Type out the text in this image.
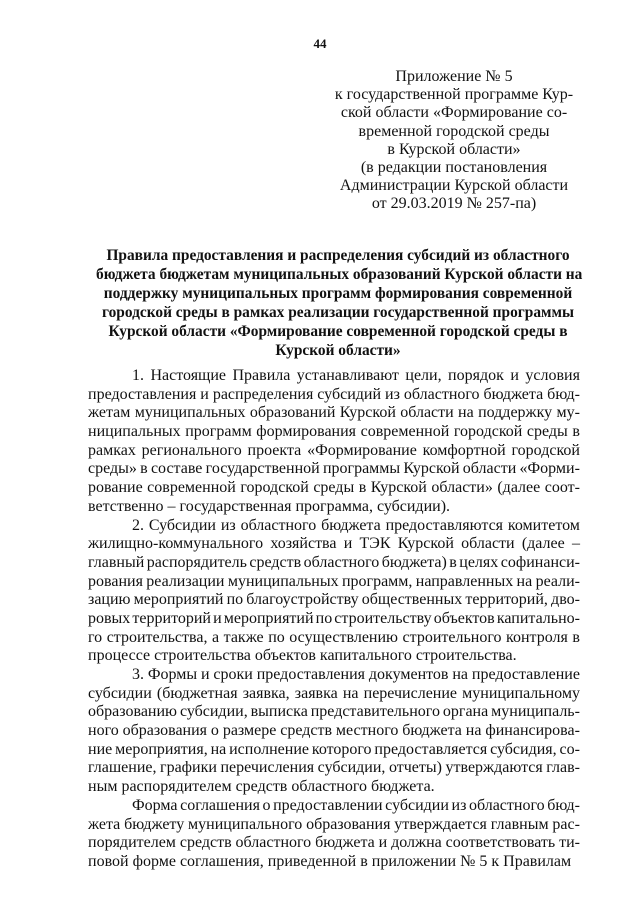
44
Приложение № 5
к государственной программе Кур-
ской области «Формирование со-
временной городской среды
в Курской области»
(в редакции постановления
Администрации Курской области
от 29.03.2019 № 257-па)
Правила предоставления и распределения субсидий из областного
бюджета бюджетам муниципальных образований Курской области на
поддержку муниципальных программ формирования современной
городской среды в рамках реализации государственной программы
Курской области «Формирование современной городской среды в
Курской области»
1. Настоящие Правила устанавливают цели, порядок и условия
предоставления и распределения субсидий из областного бюджета бюд-
жетам муниципальных образований Курской области на поддержку му-
ниципальных программ формирования современной городской среды в
рамках регионального проекта «Формирование комфортной городской
среды» в составе государственной программы Курской области «Форми-
рование современной городской среды в Курской области» (далее соот-
ветственно – государственная программа, субсидии).
2. Субсидии из областного бюджета предоставляются комитетом
жилищно-коммунального хозяйства и ТЭК Курской области (далее –
главный распорядитель средств областного бюджета) в целях софинанси-
рования реализации муниципальных программ, направленных на реали-
зацию мероприятий по благоустройству общественных территорий, дво-
ровых территорий и мероприятий по строительству объектов капитально-
го строительства, а также по осуществлению строительного контроля в
процессе строительства объектов капитального строительства.
3. Формы и сроки предоставления документов на предоставление
субсидии (бюджетная заявка, заявка на перечисление муниципальному
образованию субсидии, выписка представительного органа муниципаль-
ного образования о размере средств местного бюджета на финансирова-
ние мероприятия, на исполнение которого предоставляется субсидия, со-
глашение, графики перечисления субсидии, отчеты) утверждаются глав-
ным распорядителем средств областного бюджета.
Форма соглашения о предоставлении субсидии из областного бюд-
жета бюджету муниципального образования утверждается главным рас-
порядителем средств областного бюджета и должна соответствовать ти-
повой форме соглашения, приведенной в приложении № 5 к Правилам
